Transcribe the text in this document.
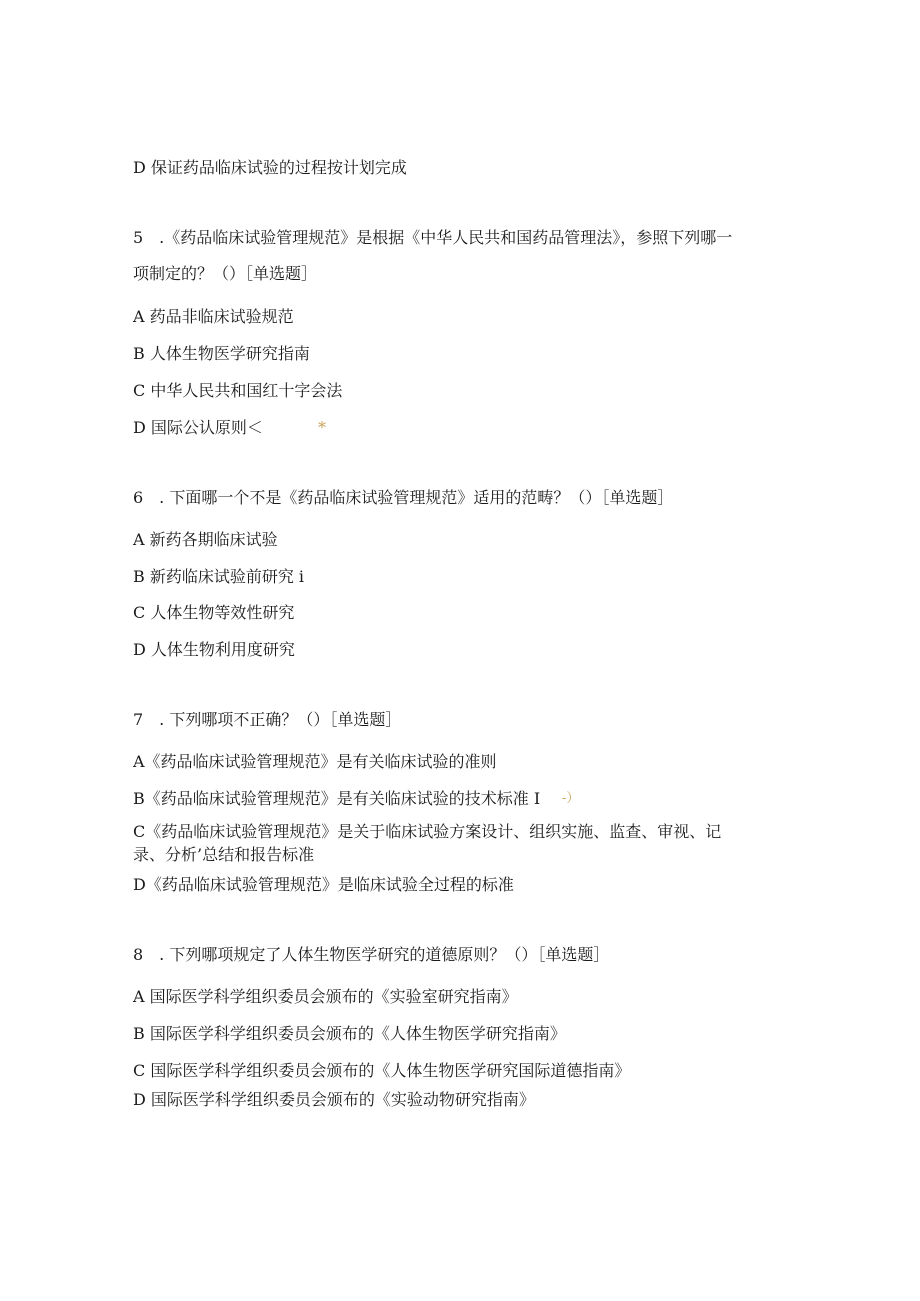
D 保证药品临床试验的过程按计划完成
5　.《药品临床试验管理规范》是根据《中华人民共和国药品管理法》，参照下列哪一
项制定的？（）［单选题］
A 药品非临床试验规范
B 人体生物医学研究指南
C 中华人民共和国红十字会法
D 国际公认原则＜	*
6　. 下面哪一个不是《药品临床试验管理规范》适用的范畴？（）［单选题］
A 新药各期临床试验
B 新药临床试验前研究 i
C 人体生物等效性研究
D 人体生物利用度研究
7　. 下列哪项不正确？（）［单选题］
A《药品临床试验管理规范》是有关临床试验的准则
B《药品临床试验管理规范》是有关临床试验的技术标准 I -）
C《药品临床试验管理规范》是关于临床试验方案设计、组织实施、监查、审视、记
录、分析’总结和报告标准
D《药品临床试验管理规范》是临床试验全过程的标准
8　. 下列哪项规定了人体生物医学研究的道德原则？（）［单选题］
A 国际医学科学组织委员会颁布的《实验室研究指南》
B 国际医学科学组织委员会颁布的《人体生物医学研究指南》
C 国际医学科学组织委员会颁布的《人体生物医学研究国际道德指南》
D 国际医学科学组织委员会颁布的《实验动物研究指南》
